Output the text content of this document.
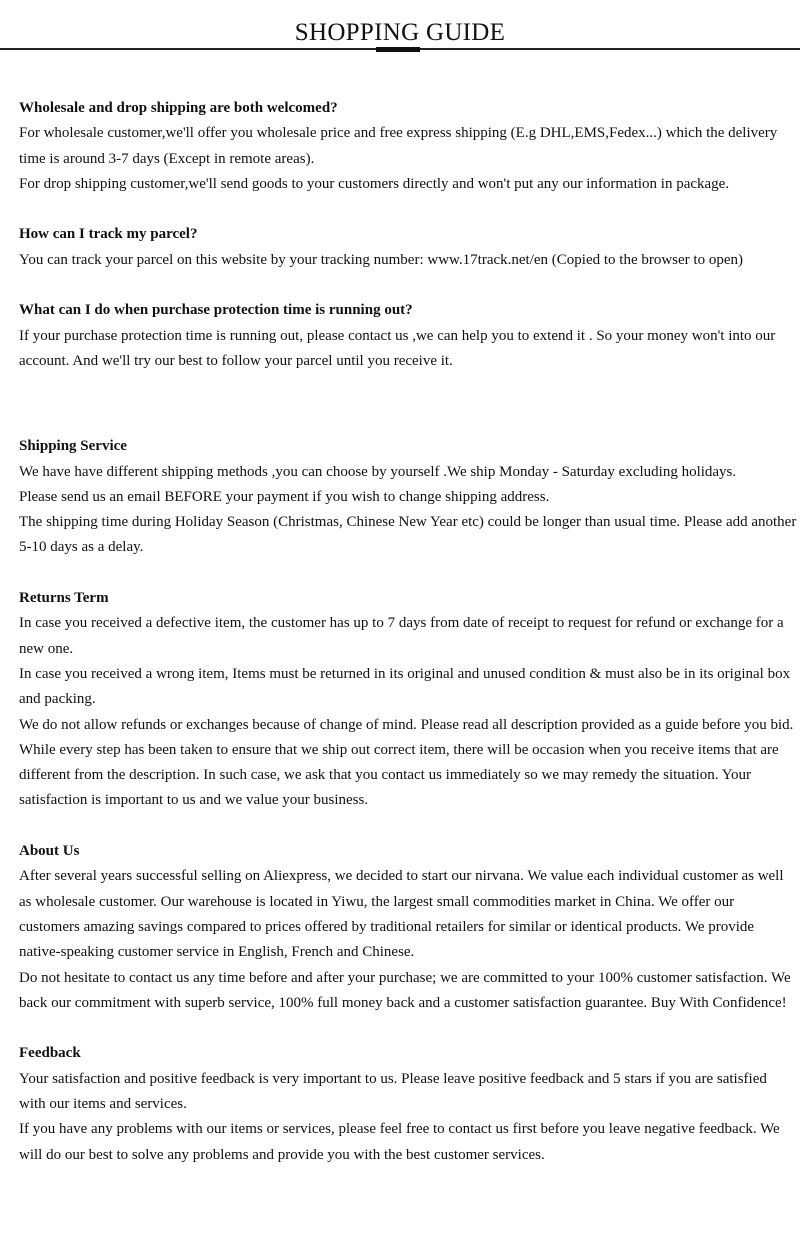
SHOPPING GUIDE

Wholesale and drop shipping are both welcomed?

For wholesale customer,we'll offer you wholesale price and free express shipping (E.g DHL,EMS,Fedex...) which the delivery time is around 3-7 days (Except in remote areas).

For drop shipping customer,we'll send goods to your customers directly and won't put any our information in package.

How can I track my parcel?

You can track your parcel on this website by your tracking number: www.17track.net/en (Copied to the browser to open)

What can I do when purchase protection time is running out?

If your purchase protection time is running out, please contact us ,we can help you to extend it . So your money won't into our account. And we'll try our best to follow your parcel until you receive it.

Shipping Service

We have have different shipping methods ,you can choose by yourself .We ship Monday - Saturday excluding holidays.

Please send us an email BEFORE your payment if you wish to change shipping address.

The shipping time during Holiday Season (Christmas, Chinese New Year etc) could be longer than usual time. Please add another 5-10 days as a delay.

Returns Term

In case you received a defective item, the customer has up to 7 days from date of receipt to request for refund or exchange for a new one.

In case you received a wrong item, Items must be returned in its original and unused condition & must also be in its original box and packing.

We do not allow refunds or exchanges because of change of mind. Please read all description provided as a guide before you bid.

While every step has been taken to ensure that we ship out correct item, there will be occasion when you receive items that are different from the description. In such case, we ask that you contact us immediately so we may remedy the situation. Your satisfaction is important to us and we value your business.

About Us

After several years successful selling on Aliexpress, we decided to start our nirvana. We value each individual customer as well as wholesale customer. Our warehouse is located in Yiwu, the largest small commodities market in China. We offer our customers amazing savings compared to prices offered by traditional retailers for similar or identical products. We provide native-speaking customer service in English, French and Chinese.

Do not hesitate to contact us any time before and after your purchase; we are committed to your 100% customer satisfaction. We back our commitment with superb service, 100% full money back and a customer satisfaction guarantee. Buy With Confidence!

Feedback

Your satisfaction and positive feedback is very important to us. Please leave positive feedback and 5 stars if you are satisfied with our items and services.

If you have any problems with our items or services, please feel free to contact us first before you leave negative feedback. We will do our best to solve any problems and provide you with the best customer services.
